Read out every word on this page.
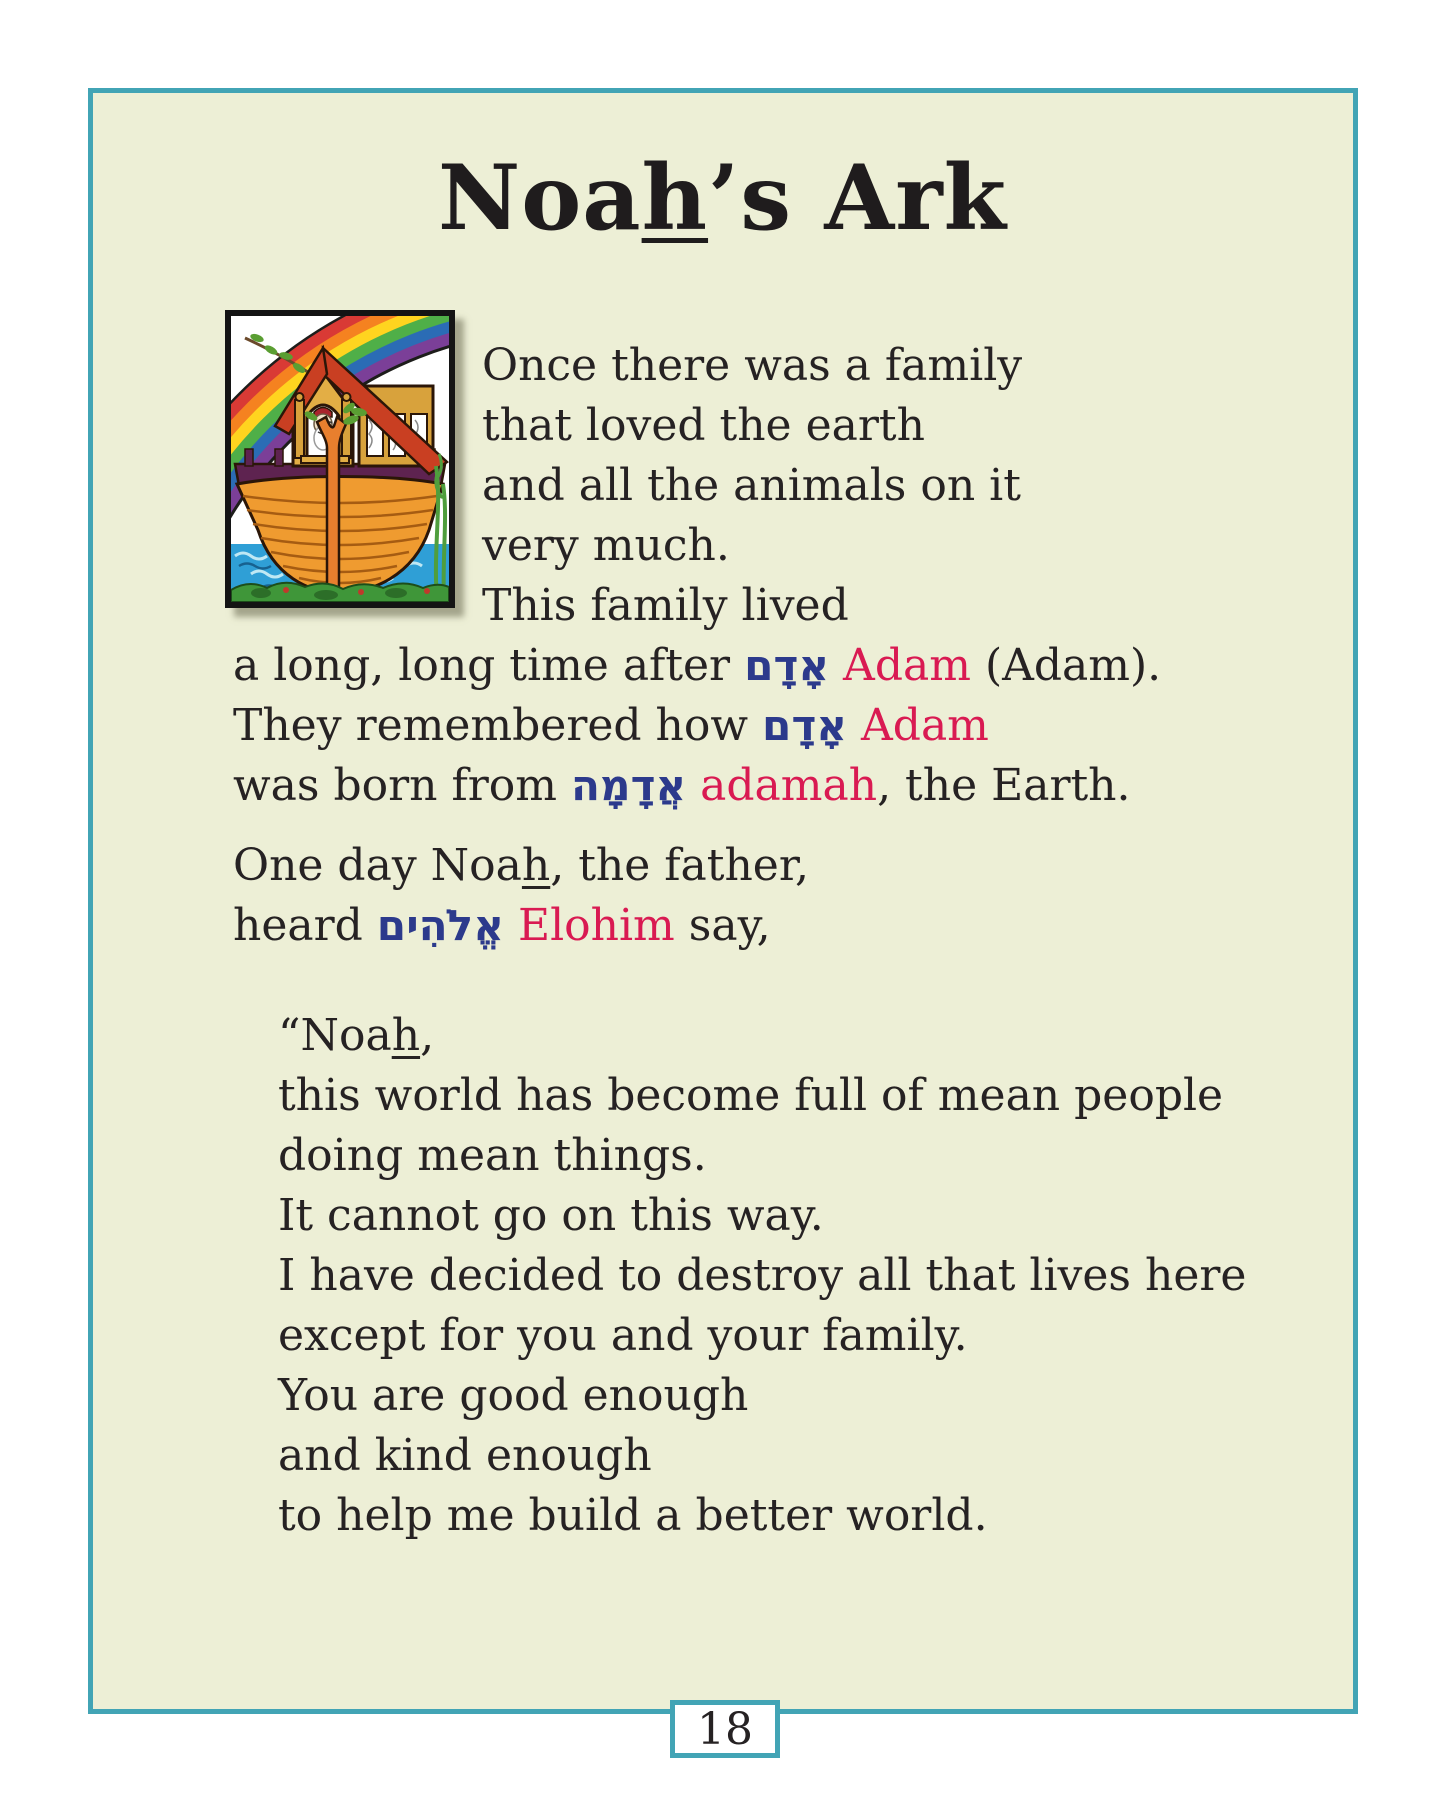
Noah’s Ark
Once there was a family
that loved the earth
and all the animals on it
very much.
This family lived
a long, long time after אָדָם Adam (Adam).
They remembered how אָדָם Adam
was born from אֲדָמָה adamah, the Earth.
One day Noah, the father,
heard אֱלֹהִים Elohim say,
“Noah,
this world has become full of mean people
doing mean things.
It cannot go on this way.
I have decided to destroy all that lives here
except for you and your family.
You are good enough
and kind enough
to help me build a better world.
18
